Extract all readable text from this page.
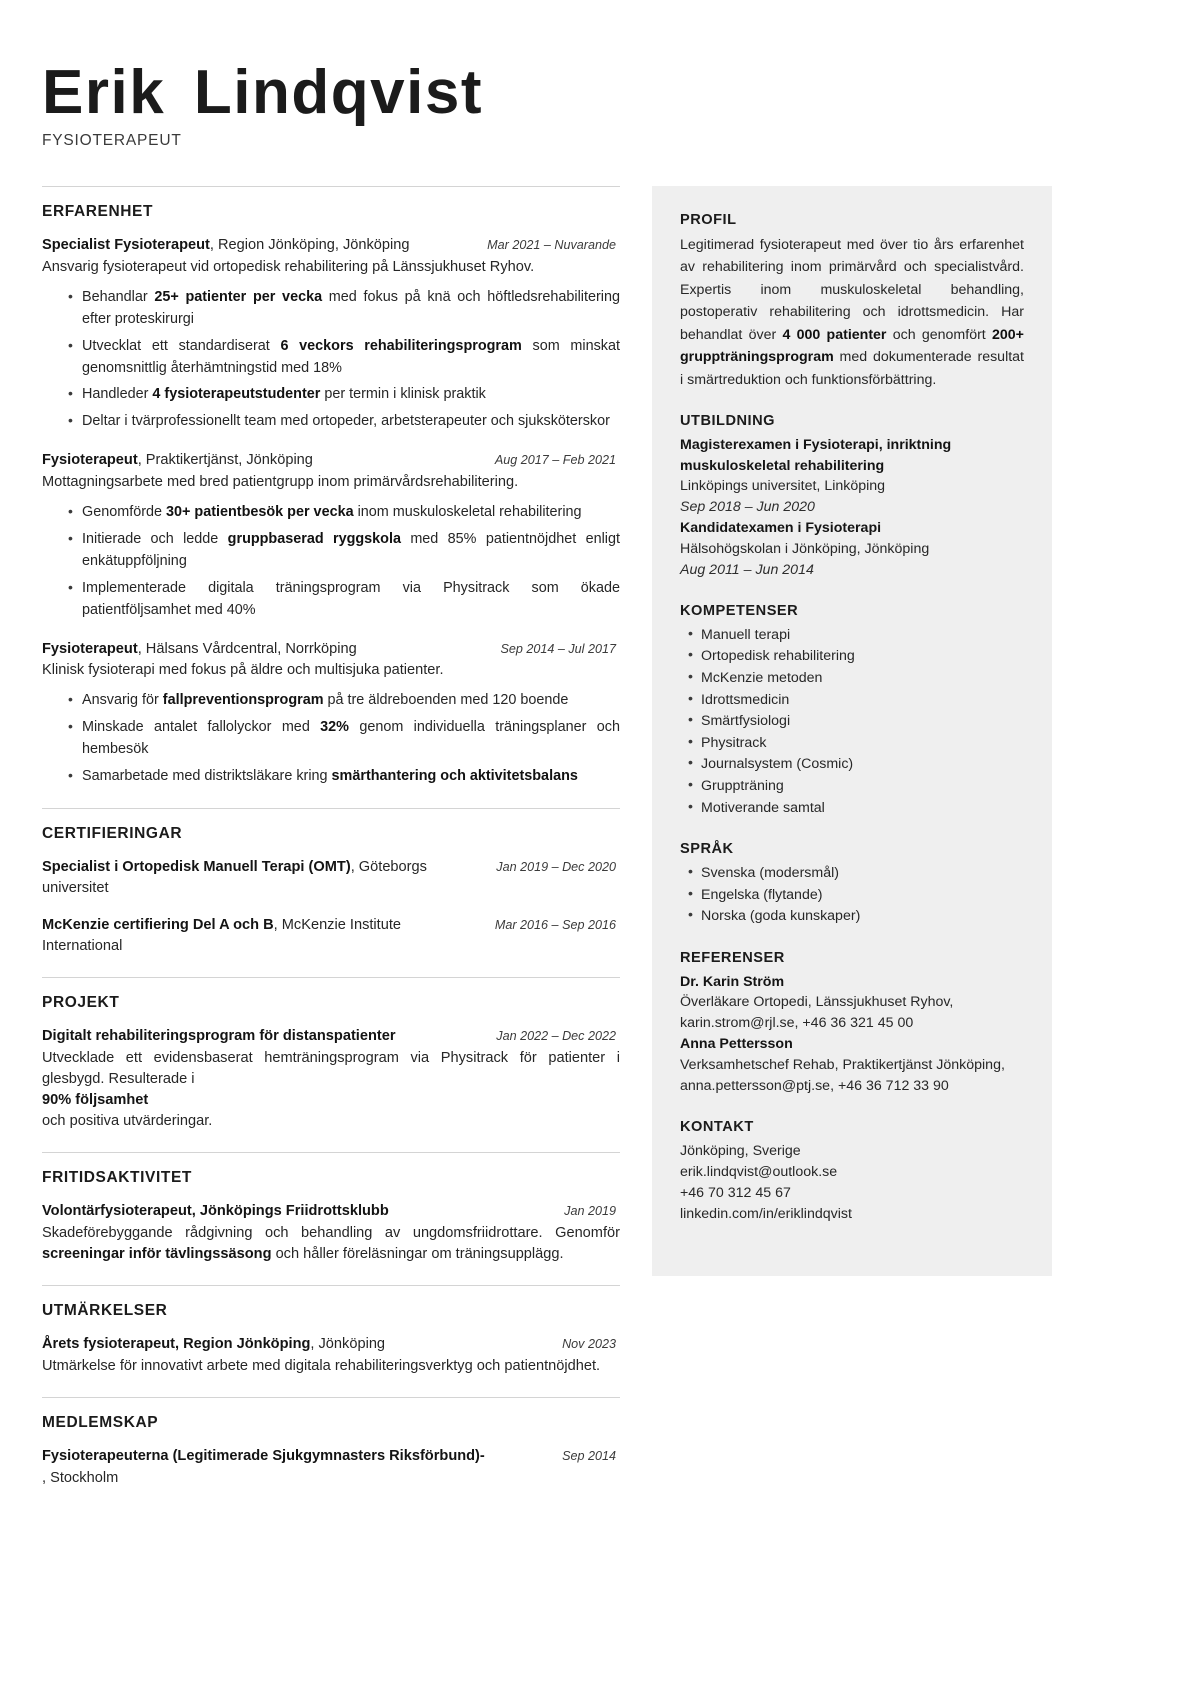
Erik Lindqvist

FYSIOTERAPEUT

ERFARENHET
Specialist Fysioterapeut, Region Jönköping, Jönköping	Mar 2021 – Nuvarande
Ansvarig fysioterapeut vid ortopedisk rehabilitering på Länssjukhuset Ryhov.
• Behandlar 25+ patienter per vecka med fokus på knä och höftledsrehabilitering efter proteskirurgi
• Utvecklat ett standardiserat 6 veckors rehabiliteringsprogram som minskat genomsnittlig återhämtningstid med 18%
• Handleder 4 fysioterapeutstudenter per termin i klinisk praktik
• Deltar i tvärprofessionellt team med ortopeder, arbetsterapeuter och sjuksköterskor
Fysioterapeut, Praktikertjänst, Jönköping	Aug 2017 – Feb 2021
Mottagningsarbete med bred patientgrupp inom primärvårdsrehabilitering.
• Genomförde 30+ patientbesök per vecka inom muskuloskeletal rehabilitering
• Initierade och ledde gruppbaserad ryggskola med 85% patientnöjdhet enligt enkätuppföljning
• Implementerade digitala träningsprogram via Physitrack som ökade patientföljsamhet med 40%
Fysioterapeut, Hälsans Vårdcentral, Norrköping	Sep 2014 – Jul 2017
Klinisk fysioterapi med fokus på äldre och multisjuka patienter.
• Ansvarig för fallpreventionsprogram på tre äldreboenden med 120 boende
• Minskade antalet fallolyckor med 32% genom individuella träningsplaner och hembesök
• Samarbetade med distriktsläkare kring smärthantering och aktivitetsbalans
CERTIFIERINGAR
Specialist i Ortopedisk Manuell Terapi (OMT), Göteborgs universitet
Jan 2019 – Dec 2020
McKenzie certifiering Del A och B, McKenzie Institute International
Mar 2016 – Sep 2016
PROJEKT
Digitalt rehabiliteringsprogram för distanspatienter	Jan 2022 – Dec 2022
Utvecklade ett evidensbaserat hemträningsprogram via Physitrack för patienter i glesbygd. Resulterade i
90% följsamhet
och positiva utvärderingar.
FRITIDSAKTIVITET
Volontärfysioterapeut, Jönköpings Friidrottsklubb	Jan 2019
Skadeförebyggande rådgivning och behandling av ungdomsfriidrottare. Genomför screeningar inför tävlingssäsong och håller föreläsningar om träningsupplägg.
UTMÄRKELSER
Årets fysioterapeut, Region Jönköping, Jönköping	Nov 2023
Utmärkelse för innovativt arbete med digitala rehabiliteringsverktyg och patientnöjdhet.
MEDLEMSKAP
Fysioterapeuterna (Legitimerade Sjukgymnasters Riksförbund)-	Sep 2014
, Stockholm
PROFIL

Legitimerad fysioterapeut med över tio års erfarenhet av rehabilitering inom primärvård och specialistvård. Expertis inom muskuloskeletal behandling, postoperativ rehabilitering och idrottsmedicin. Har behandlat över 4 000 patienter och genomfört 200+ gruppträningsprogram med dokumenterade resultat i smärtreduktion och funktionsförbättring.

UTBILDNING
Magisterexamen i Fysioterapi, inriktning muskuloskeletal rehabilitering
Linköpings universitet, Linköping
Sep 2018 – Jun 2020
Kandidatexamen i Fysioterapi
Hälsohögskolan i Jönköping, Jönköping
Aug 2011 – Jun 2014
KOMPETENSER
• Manuell terapi
• Ortopedisk rehabilitering
• McKenzie metoden
• Idrottsmedicin
• Smärtfysiologi
• Physitrack
• Journalsystem (Cosmic)
• Gruppträning
• Motiverande samtal
SPRÅK
• Svenska (modersmål)
• Engelska (flytande)
• Norska (goda kunskaper)
REFERENSER
Dr. Karin Ström
Överläkare Ortopedi, Länssjukhuset Ryhov,
karin.strom@rjl.se, +46 36 321 45 00
Anna Pettersson
Verksamhetschef Rehab, Praktikertjänst Jönköping,
anna.pettersson@ptj.se, +46 36 712 33 90
KONTAKT
Jönköping, Sverige
erik.lindqvist@outlook.se
+46 70 312 45 67
linkedin.com/in/eriklindqvist
